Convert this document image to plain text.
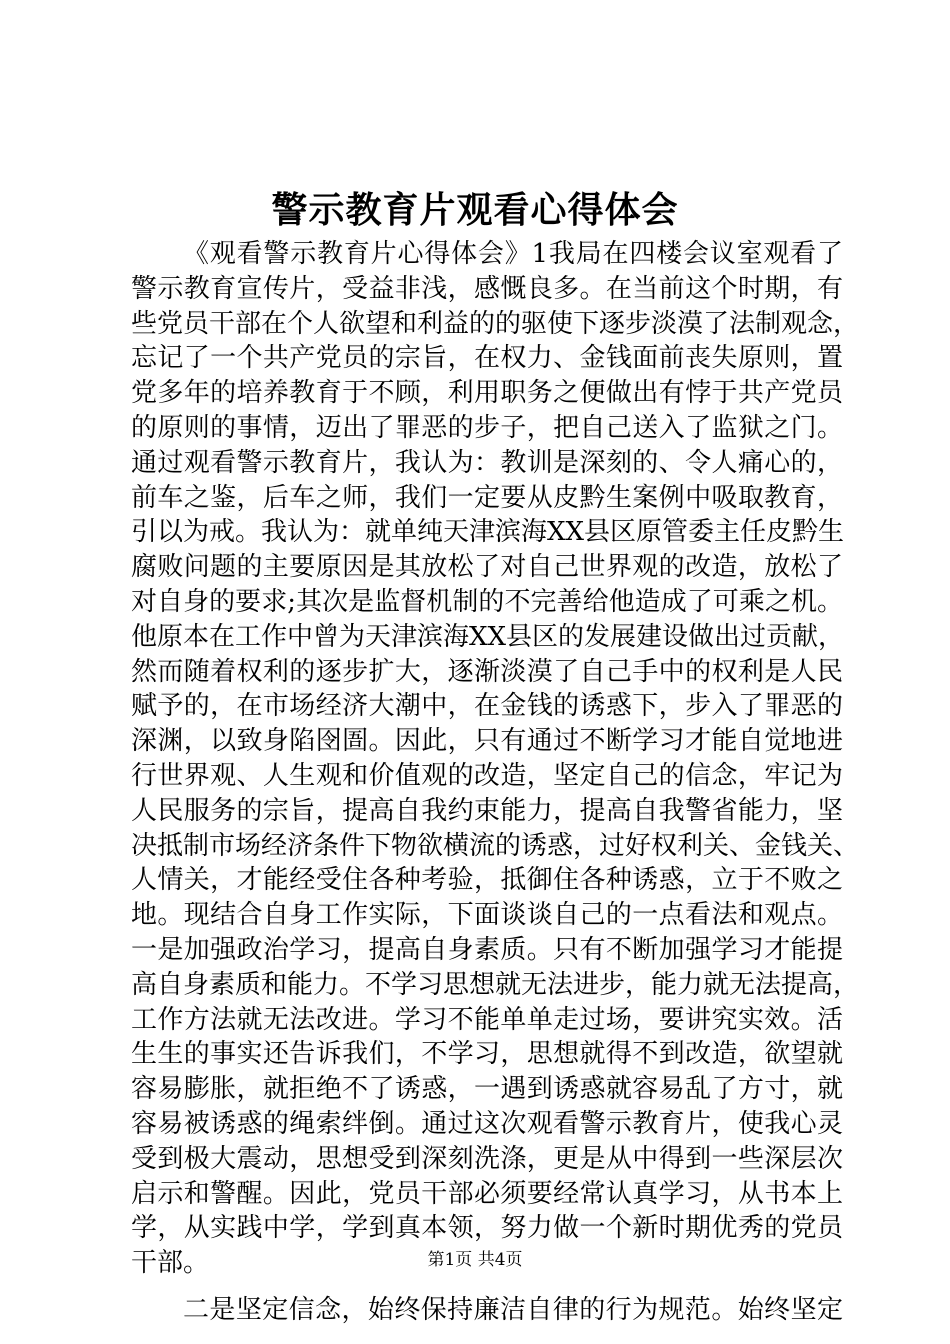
警示教育片观看心得体会
《观看警示教育片心得体会》1我局在四楼会议室观看了
警示教育宣传片，受益非浅，感慨良多。在当前这个时期，有
些党员干部在个人欲望和利益的的驱使下逐步淡漠了法制观念，
忘记了一个共产党员的宗旨，在权力、金钱面前丧失原则，置
党多年的培养教育于不顾，利用职务之便做出有悖于共产党员
的原则的事情，迈出了罪恶的步子，把自己送入了监狱之门。
通过观看警示教育片，我认为：教训是深刻的、令人痛心的，
前车之鉴，后车之师，我们一定要从皮黔生案例中吸取教育，
引以为戒。我认为：就单纯天津滨海XX县区原管委主任皮黔生
腐败问题的主要原因是其放松了对自己世界观的改造，放松了
对自身的要求;其次是监督机制的不完善给他造成了可乘之机。
他原本在工作中曾为天津滨海XX县区的发展建设做出过贡献，
然而随着权利的逐步扩大，逐渐淡漠了自己手中的权利是人民
赋予的，在市场经济大潮中，在金钱的诱惑下，步入了罪恶的
深渊，以致身陷囹圄。因此，只有通过不断学习才能自觉地进
行世界观、人生观和价值观的改造，坚定自己的信念，牢记为
人民服务的宗旨，提高自我约束能力，提高自我警省能力，坚
决抵制市场经济条件下物欲横流的诱惑，过好权利关、金钱关、
人情关，才能经受住各种考验，抵御住各种诱惑，立于不败之
地。现结合自身工作实际，下面谈谈自己的一点看法和观点。
一是加强政治学习，提高自身素质。只有不断加强学习才能提
高自身素质和能力。不学习思想就无法进步，能力就无法提高，
工作方法就无法改进。学习不能单单走过场，要讲究实效。活
生生的事实还告诉我们，不学习，思想就得不到改造，欲望就
容易膨胀，就拒绝不了诱惑，一遇到诱惑就容易乱了方寸，就
容易被诱惑的绳索绊倒。通过这次观看警示教育片，使我心灵
受到极大震动，思想受到深刻洗涤，更是从中得到一些深层次
启示和警醒。因此，党员干部必须要经常认真学习，从书本上
学，从实践中学，学到真本领，努力做一个新时期优秀的党员
干部。
二是坚定信念，始终保持廉洁自律的行为规范。始终坚定
第1页 共4页
